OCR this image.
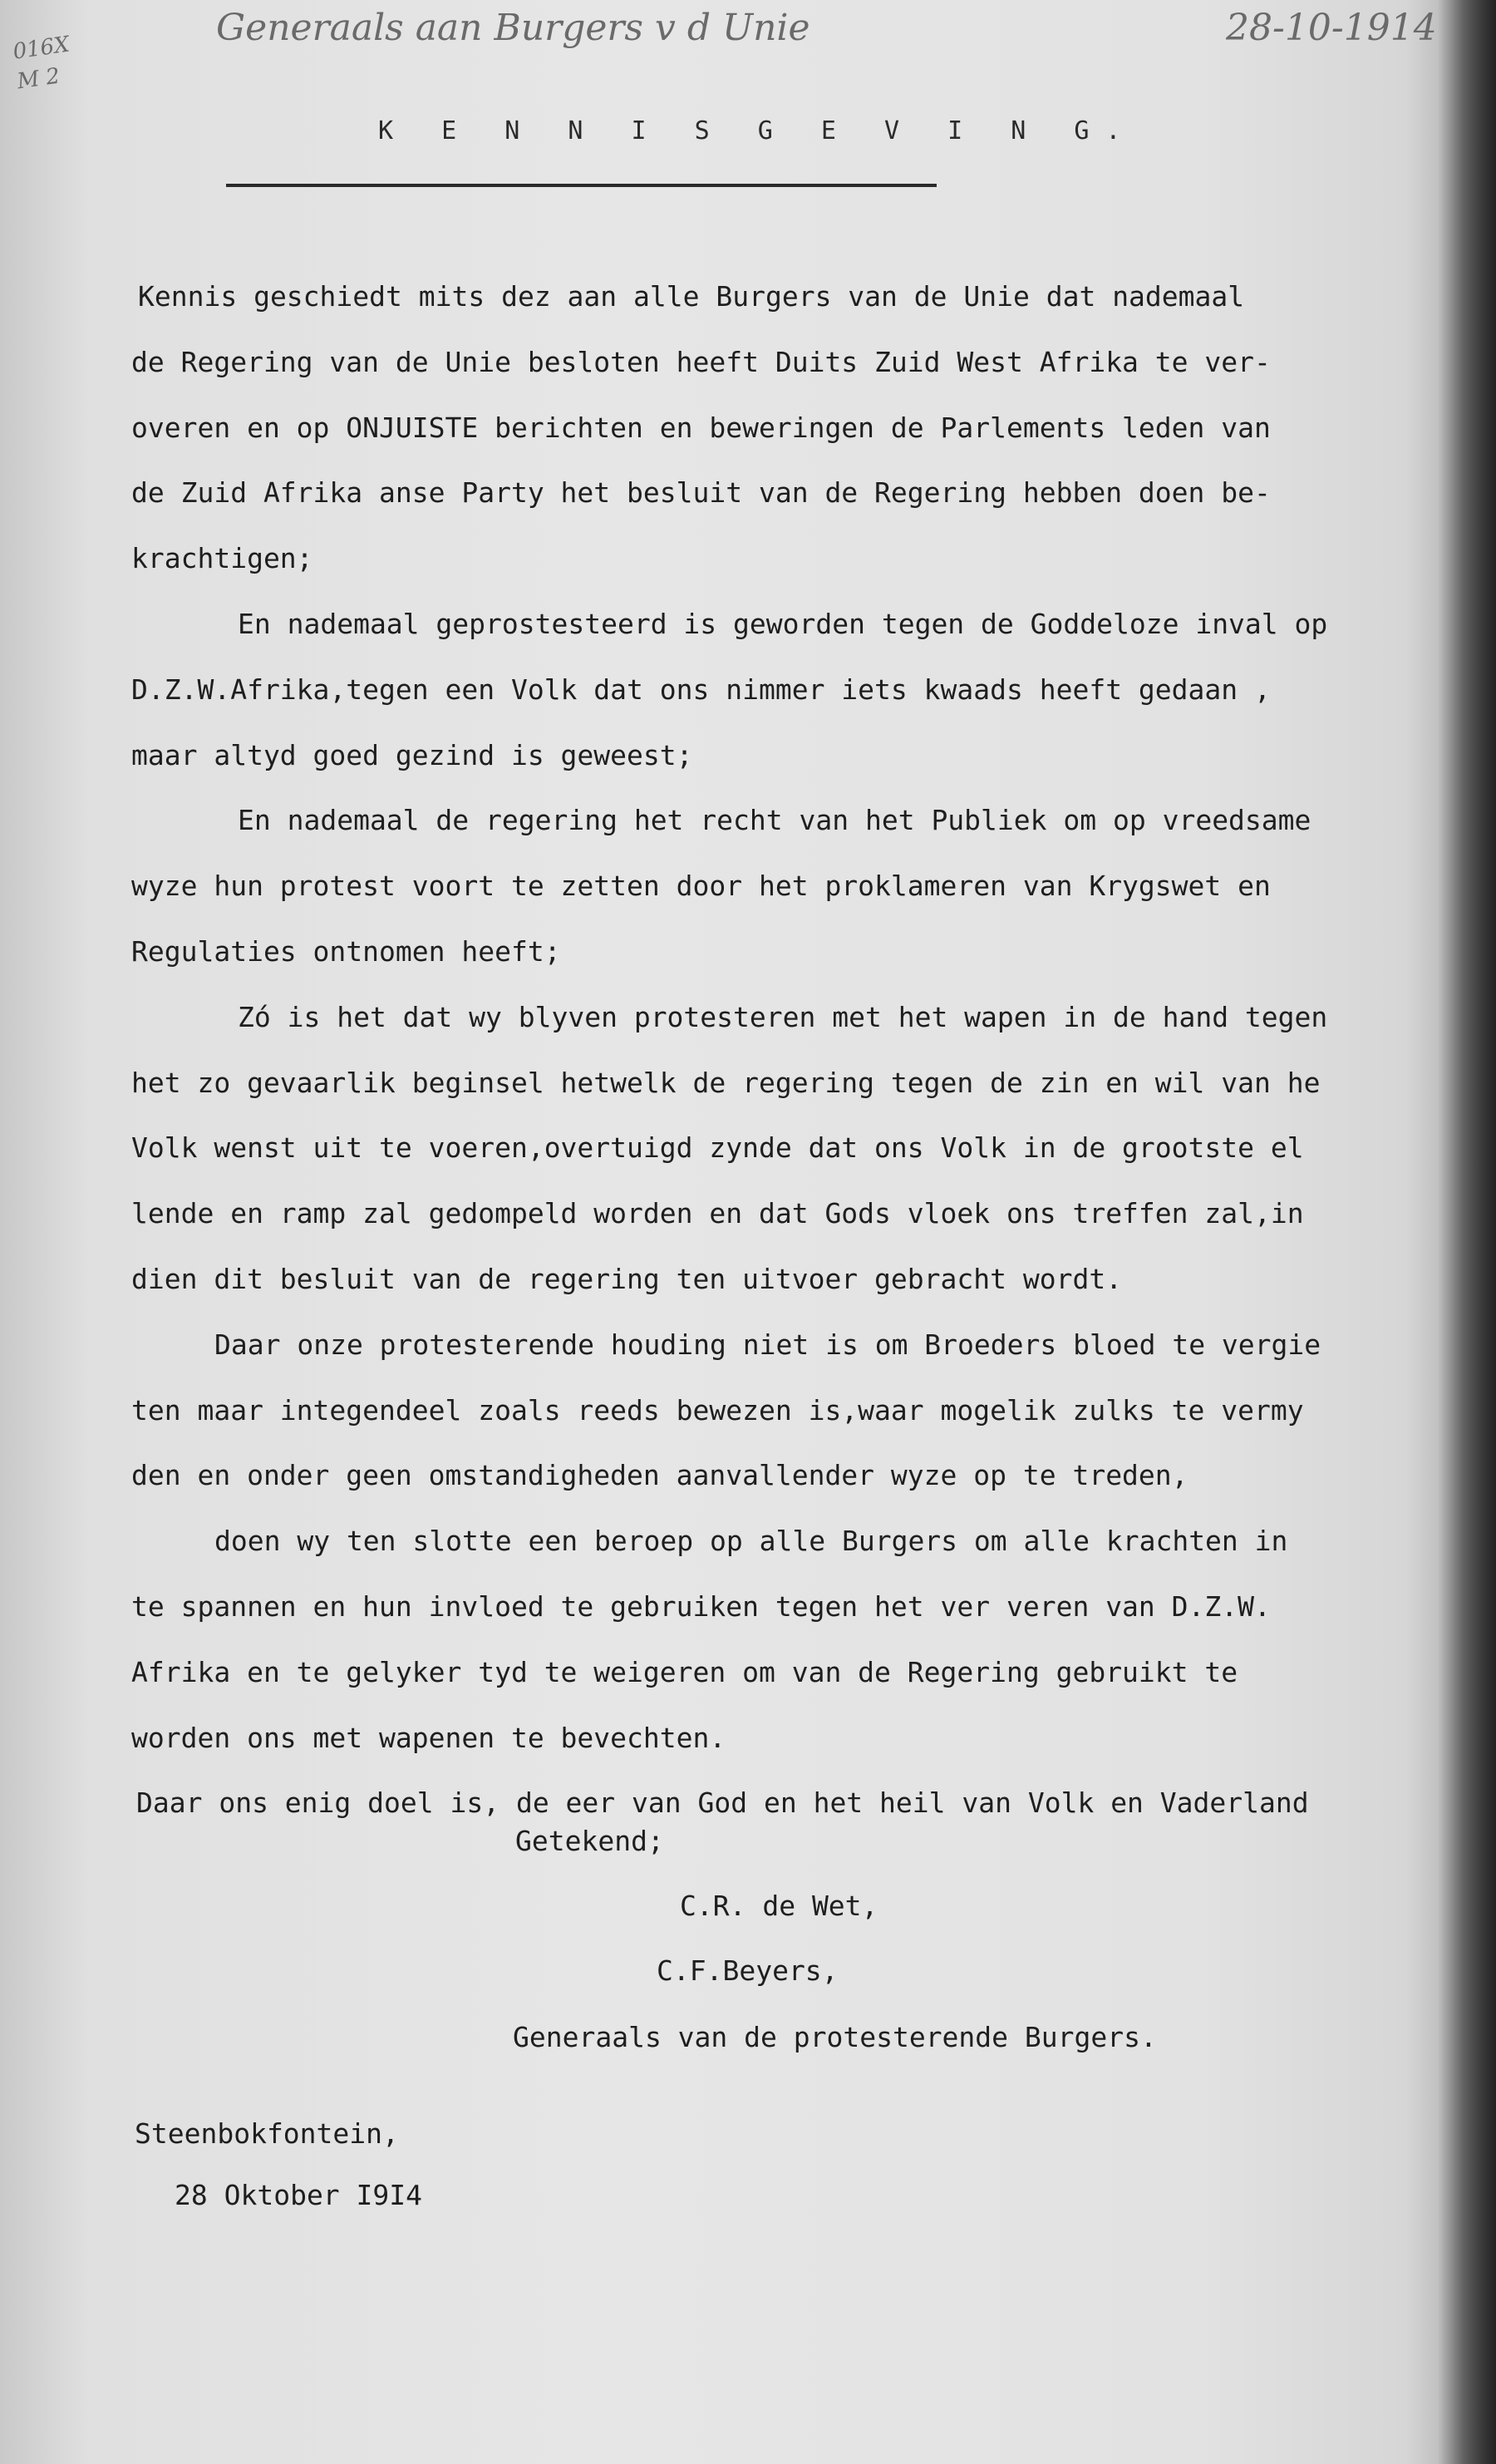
016X
M 2
Generaals aan Burgers v d Unie	28-10-1914
K E N N I S G E V I N G.
Kennis geschiedt mits dez aan alle Burgers van de Unie dat nademaal
de Regering van de Unie besloten heeft Duits Zuid West Afrika te ver-
overen en op ONJUISTE berichten en beweringen de Parlements leden van
de Zuid Afrika anse Party het besluit van de Regering hebben doen be-
krachtigen;
En nademaal geprostesteerd is geworden tegen de Goddeloze inval op
D.Z.W.Afrika,tegen een Volk dat ons nimmer iets kwaads heeft gedaan ,
maar altyd goed gezind is geweest;
En nademaal de regering het recht van het Publiek om op vreedsame
wyze hun protest voort te zetten door het proklameren van Krygswet en
Regulaties ontnomen heeft;
Zó is het dat wy blyven protesteren met het wapen in de hand tegen
het zo gevaarlik beginsel hetwelk de regering tegen de zin en wil van he
Volk wenst uit te voeren,overtuigd zynde dat ons Volk in de grootste el
lende en ramp zal gedompeld worden en dat Gods vloek ons treffen zal,in
dien dit besluit van de regering ten uitvoer gebracht wordt.
Daar onze protesterende houding niet is om Broeders bloed te vergie
ten maar integendeel zoals reeds bewezen is,waar mogelik zulks te vermy
den en onder geen omstandigheden aanvallender wyze op te treden,
doen wy ten slotte een beroep op alle Burgers om alle krachten in
te spannen en hun invloed te gebruiken tegen het ver veren van D.Z.W.
Afrika en te gelyker tyd te weigeren om van de Regering gebruikt te
worden ons met wapenen te bevechten.
Daar ons enig doel is, de eer van God en het heil van Volk en Vaderland
Getekend;
C.R. de Wet,
C.F.Beyers,
Generaals van de protesterende Burgers.
Steenbokfontein,
28 Oktober I9I4
